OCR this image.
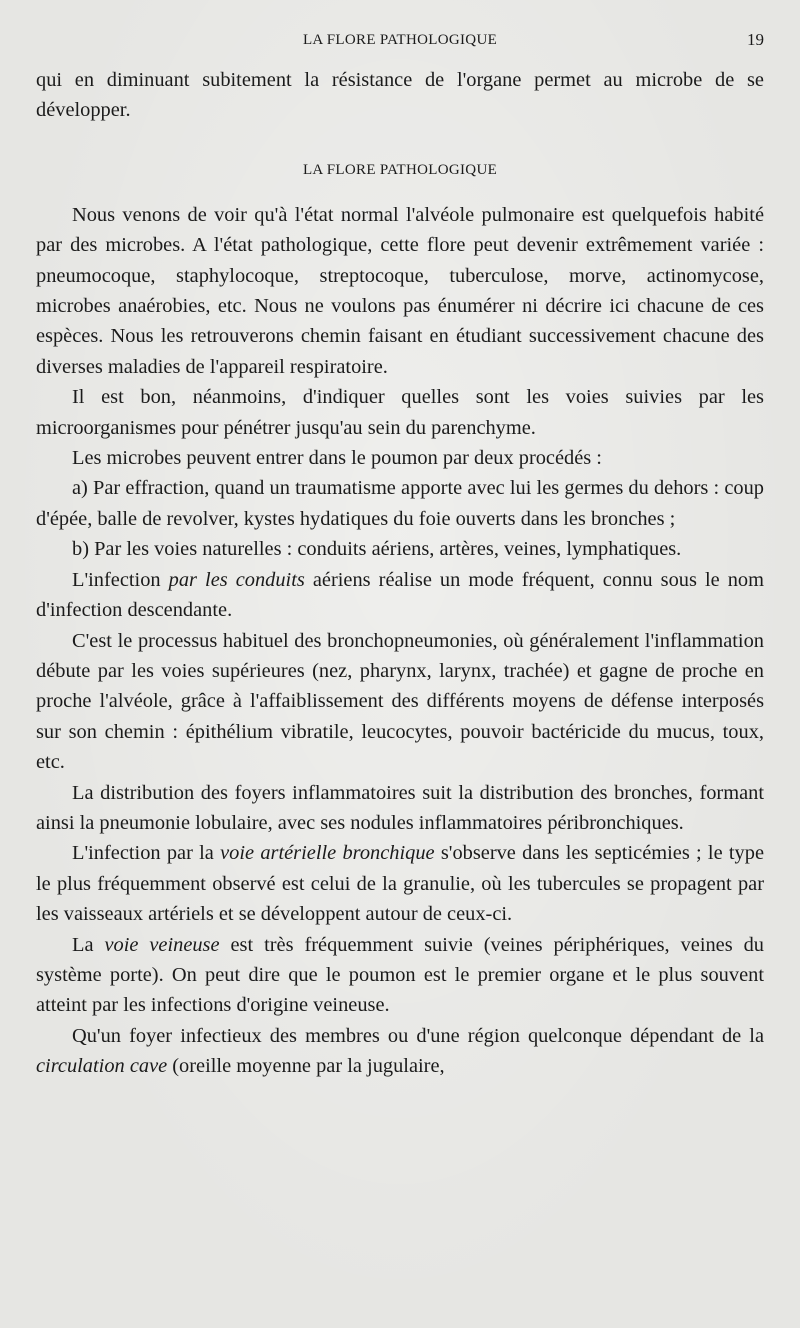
LA FLORE PATHOLOGIQUE	19

qui en diminuant subitement la résistance de l'organe permet au microbe de se développer.

LA FLORE PATHOLOGIQUE

Nous venons de voir qu'à l'état normal l'alvéole pulmonaire est quelquefois habité par des microbes. A l'état pathologique, cette flore peut devenir extrêmement variée : pneumocoque, staphylocoque, streptocoque, tuberculose, morve, actinomycose, microbes anaérobies, etc. Nous ne voulons pas énumérer ni décrire ici chacune de ces espèces. Nous les retrouverons chemin faisant en étudiant successivement chacune des diverses maladies de l'appareil respiratoire.

Il est bon, néanmoins, d'indiquer quelles sont les voies suivies par les microorganismes pour pénétrer jusqu'au sein du parenchyme.

Les microbes peuvent entrer dans le poumon par deux procédés :

a) Par effraction, quand un traumatisme apporte avec lui les germes du dehors : coup d'épée, balle de revolver, kystes hydatiques du foie ouverts dans les bronches ;

b) Par les voies naturelles : conduits aériens, artères, veines, lymphatiques.

L'infection par les conduits aériens réalise un mode fréquent, connu sous le nom d'infection descendante.

C'est le processus habituel des bronchopneumonies, où généralement l'inflammation débute par les voies supérieures (nez, pharynx, larynx, trachée) et gagne de proche en proche l'alvéole, grâce à l'affaiblissement des différents moyens de défense interposés sur son chemin : épithélium vibratile, leucocytes, pouvoir bactéricide du mucus, toux, etc.

La distribution des foyers inflammatoires suit la distribution des bronches, formant ainsi la pneumonie lobulaire, avec ses nodules inflammatoires péribronchiques.

L'infection par la voie artérielle bronchique s'observe dans les septicémies ; le type le plus fréquemment observé est celui de la granulie, où les tubercules se propagent par les vaisseaux artériels et se développent autour de ceux-ci.

La voie veineuse est très fréquemment suivie (veines périphériques, veines du système porte). On peut dire que le poumon est le premier organe et le plus souvent atteint par les infections d'origine veineuse.

Qu'un foyer infectieux des membres ou d'une région quelconque dépendant de la circulation cave (oreille moyenne par la jugulaire,
